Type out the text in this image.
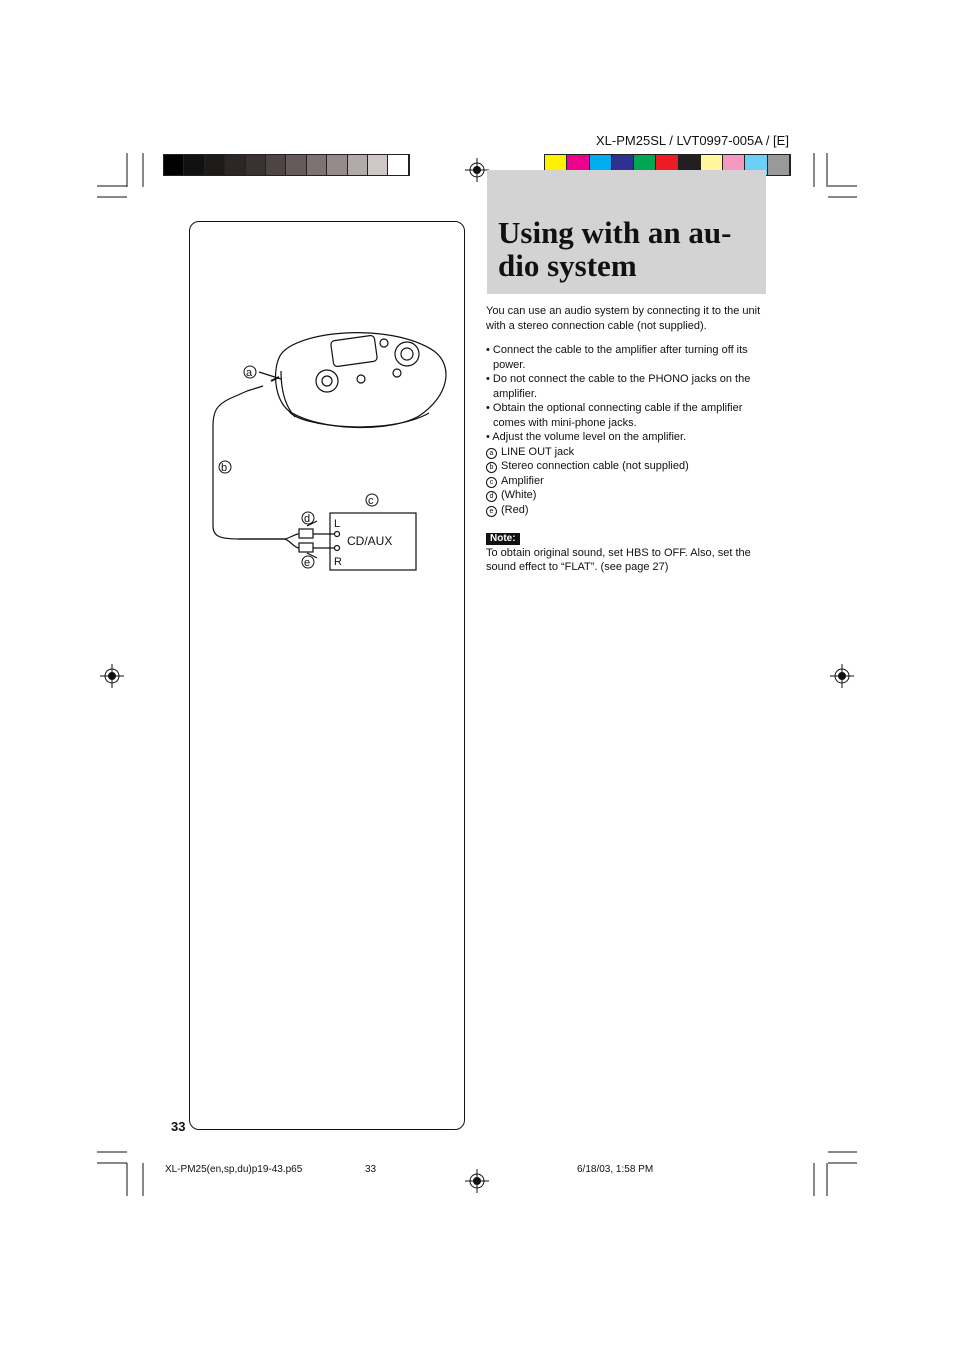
XL-PM25SL / LVT0997-005A / [E]
Using with an au-
dio system

You can use an audio system by connecting it to the unit with a stereo connection cable (not supplied).

• Connect the cable to the amplifier after turning off its power.
• Do not connect the cable to the PHONO jacks on the amplifier.
• Obtain the optional connecting cable if the amplifier comes with mini-phone jacks.
• Adjust the volume level on the amplifier.
a LINE OUT jack
b Stereo connection cable (not supplied)
c Amplifier
d (White)
e (Red)
Note:
To obtain original sound, set HBS to OFF. Also, set the sound effect to “FLAT”. (see page 27)
a
b
c
d
e
L
R
CD/AUX
33
XL-PM25(en,sp,du)p19-43.p65	33	6/18/03, 1:58 PM
